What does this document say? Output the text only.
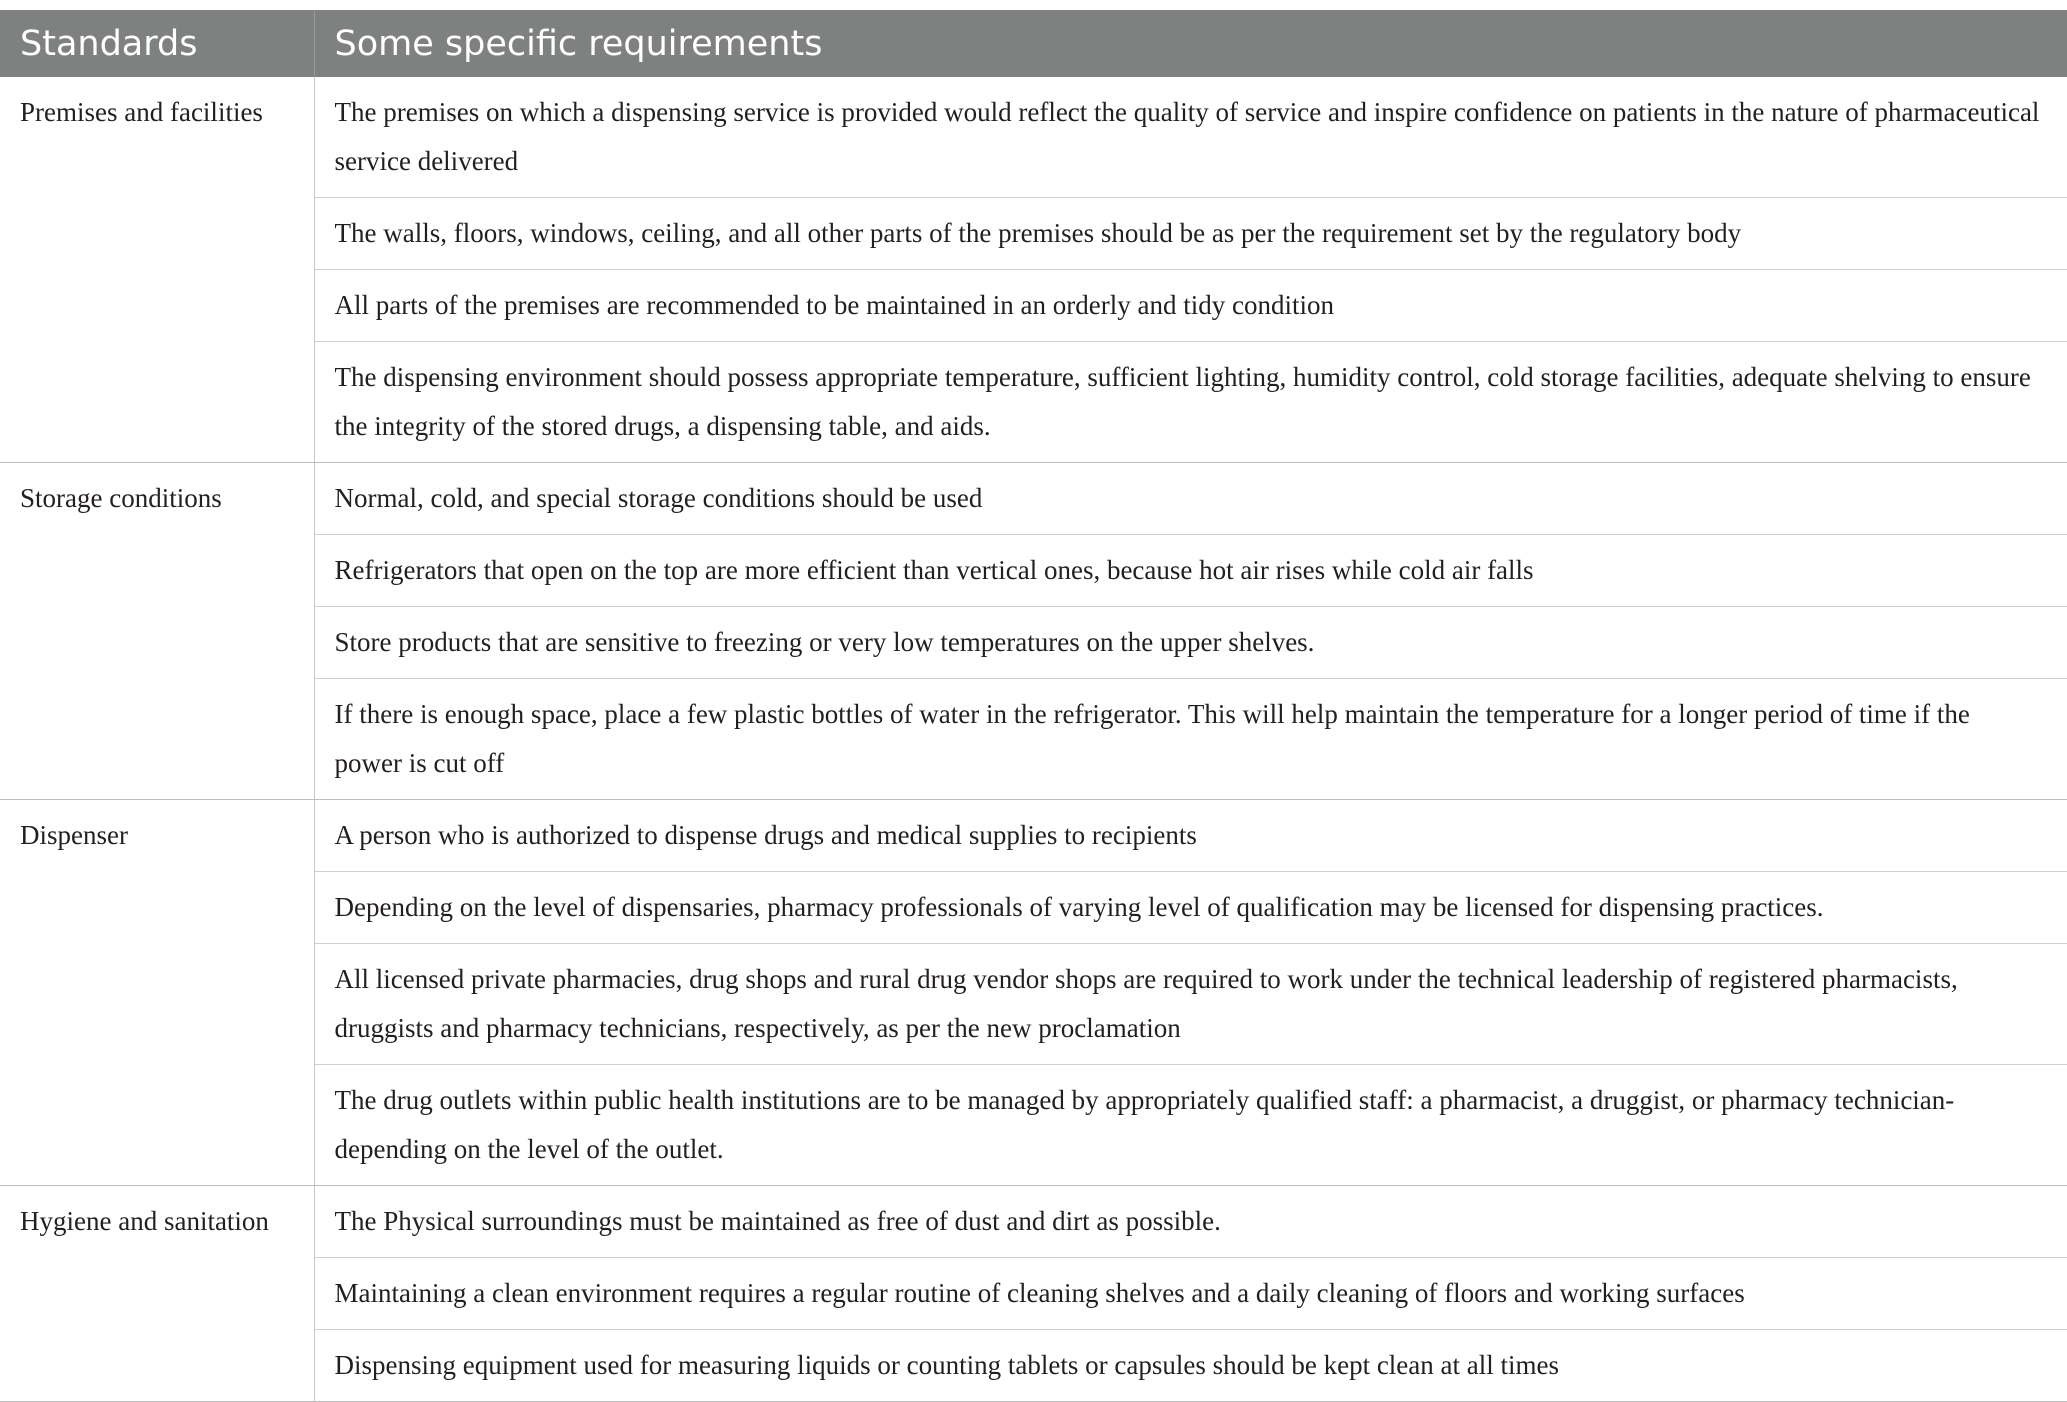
Standards	Some specific requirements
Premises and facilities	The premises on which a dispensing service is provided would reflect the quality of service and inspire confidence on patients in the nature of pharmaceutical service delivered
	The walls, floors, windows, ceiling, and all other parts of the premises should be as per the requirement set by the regulatory body
	All parts of the premises are recommended to be maintained in an orderly and tidy condition
	The dispensing environment should possess appropriate temperature, sufficient lighting, humidity control, cold storage facilities, adequate shelving to ensure the integrity of the stored drugs, a dispensing table, and aids.
Storage conditions	Normal, cold, and special storage conditions should be used
	Refrigerators that open on the top are more efficient than vertical ones, because hot air rises while cold air falls
	Store products that are sensitive to freezing or very low temperatures on the upper shelves.
	If there is enough space, place a few plastic bottles of water in the refrigerator. This will help maintain the temperature for a longer period of time if the power is cut off
Dispenser	A person who is authorized to dispense drugs and medical supplies to recipients
	Depending on the level of dispensaries, pharmacy professionals of varying level of qualification may be licensed for dispensing practices.
	All licensed private pharmacies, drug shops and rural drug vendor shops are required to work under the technical leadership of registered pharmacists, druggists and pharmacy technicians, respectively, as per the new proclamation
	The drug outlets within public health institutions are to be managed by appropriately qualified staff: a pharmacist, a druggist, or pharmacy technician-depending on the level of the outlet.
Hygiene and sanitation	The Physical surroundings must be maintained as free of dust and dirt as possible.
	Maintaining a clean environment requires a regular routine of cleaning shelves and a daily cleaning of floors and working surfaces
	Dispensing equipment used for measuring liquids or counting tablets or capsules should be kept clean at all times
